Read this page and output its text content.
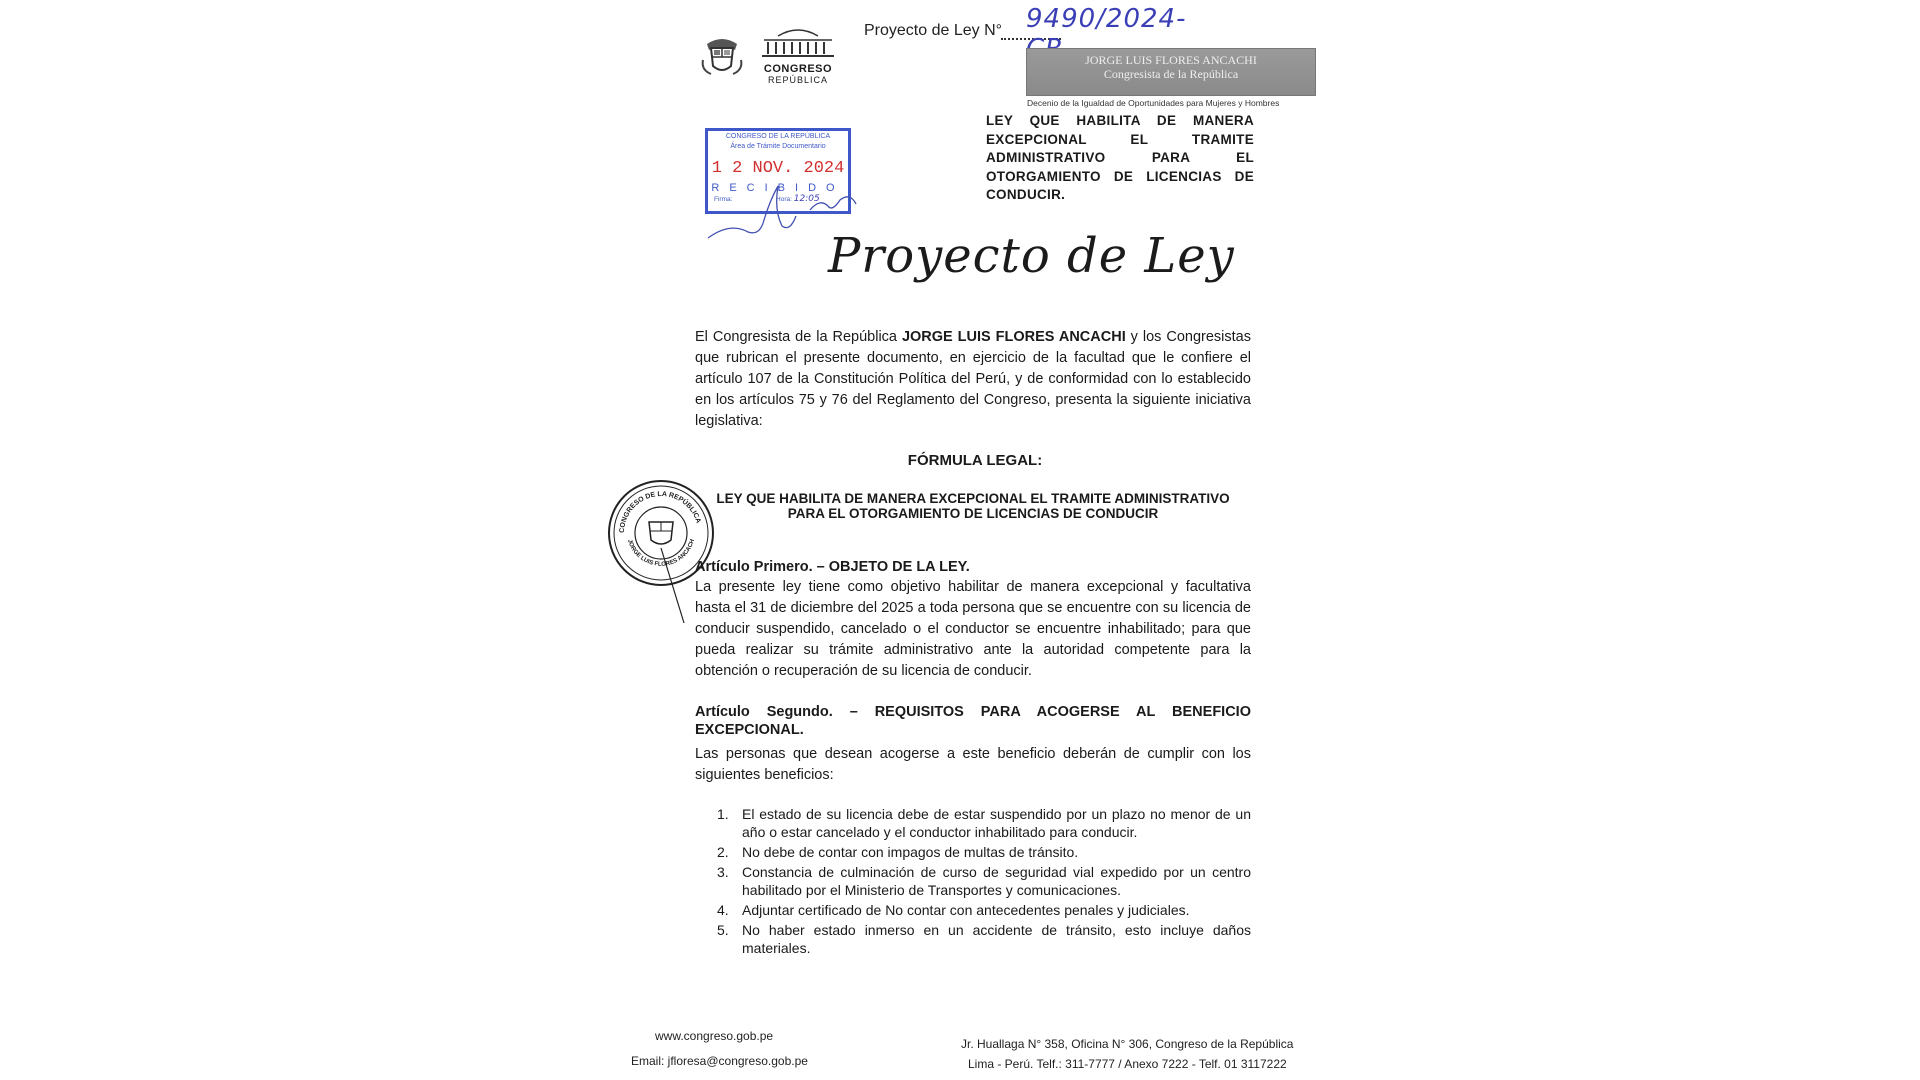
CONGRESO
REPÚBLICA
Proyecto de Ley N° 9490/2024-
JORGE LUIS FLORES ANCACHI
Congresista de la República
Decenio de la Igualdad de Oportunidades para Mujeres y Hombres
LEY QUE HABILITA DE MANERA EXCEPCIONAL EL TRAMITE ADMINISTRATIVO PARA EL OTORGAMIENTO DE LICENCIAS DE CONDUCIR.
CONGRESO DE LA REPÚBLICA
Área de Trámite Documentario
1 2 NOV. 2024
RECIBIDO
Firma:	Hora: 12:05
Proyecto de Ley
El Congresista de la República JORGE LUIS FLORES ANCACHI y los Congresistas que rubrican el presente documento, en ejercicio de la facultad que le confiere el artículo 107 de la Constitución Política del Perú, y de conformidad con lo establecido en los artículos 75 y 76 del Reglamento del Congreso, presenta la siguiente iniciativa legislativa:
FÓRMULA LEGAL:
LEY QUE HABILITA DE MANERA EXCEPCIONAL EL TRAMITE ADMINISTRATIVO
PARA EL OTORGAMIENTO DE LICENCIAS DE CONDUCIR
CONGRESO DE LA REPÚBLICA
JORGE LUIS FLORES ANCACH
Artículo Primero. – OBJETO DE LA LEY.
La presente ley tiene como objetivo habilitar de manera excepcional y facultativa hasta el 31 de diciembre del 2025 a toda persona que se encuentre con su licencia de conducir suspendido, cancelado o el conductor se encuentre inhabilitado; para que pueda realizar su trámite administrativo ante la autoridad competente para la obtención o recuperación de su licencia de conducir.
Artículo Segundo. – REQUISITOS PARA ACOGERSE AL BENEFICIO EXCEPCIONAL.
Las personas que desean acogerse a este beneficio deberán de cumplir con los siguientes beneficios:
1. El estado de su licencia debe de estar suspendido por un plazo no menor de un año o estar cancelado y el conductor inhabilitado para conducir.
2. No debe de contar con impagos de multas de tránsito.
3. Constancia de culminación de curso de seguridad vial expedido por un centro habilitado por el Ministerio de Transportes y comunicaciones.
4. Adjuntar certificado de No contar con antecedentes penales y judiciales.
5. No haber estado inmerso en un accidente de tránsito, esto incluye daños materiales.
www.congreso.gob.pe
Email: jfloresa@congreso.gob.pe
Jr. Huallaga N° 358, Oficina N° 306, Congreso de la República
Lima - Perú. Telf.: 311-7777 / Anexo 7222 - Telf. 01 3117222
